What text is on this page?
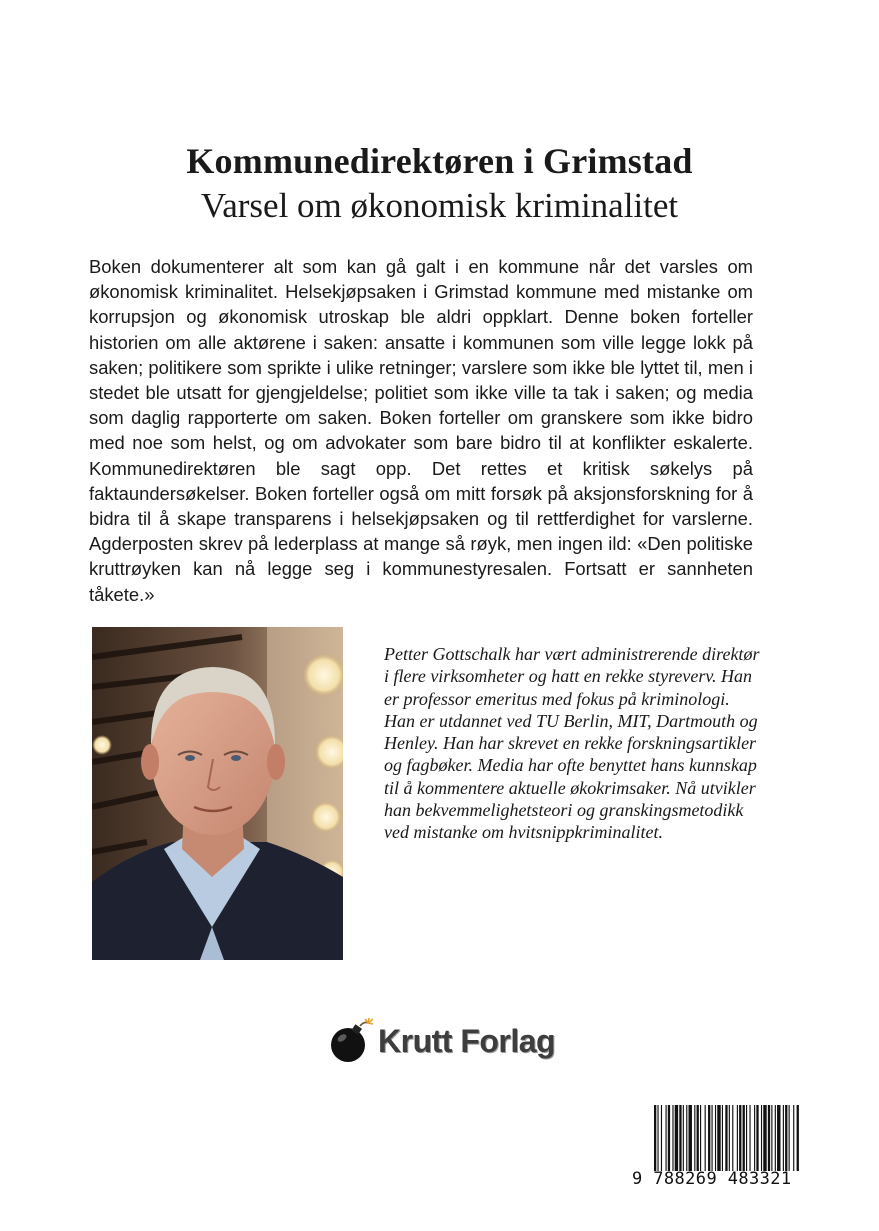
Kommunedirektøren i Grimstad
Varsel om økonomisk kriminalitet

Boken dokumenterer alt som kan gå galt i en kommune når det varsles om økonomisk kriminalitet. Helsekjøpsaken i Grimstad kommune med mistanke om korrupsjon og økonomisk utroskap ble aldri oppklart. Denne boken forteller historien om alle aktørene i saken: ansatte i kommunen som ville legge lokk på saken; politikere som sprikte i ulike retninger; varslere som ikke ble lyttet til, men i stedet ble utsatt for gjengjeldelse; politiet som ikke ville ta tak i saken; og media som daglig rapporterte om saken. Boken forteller om granskere som ikke bidro med noe som helst, og om advokater som bare bidro til at konflikter eskalerte. Kommunedirektøren ble sagt opp. Det rettes et kritisk søkelys på faktaundersøkelser. Boken forteller også om mitt forsøk på aksjonsforskning for å bidra til å skape transparens i helsekjøpsaken og til rettferdighet for varslerne. Agderposten skrev på lederplass at mange så røyk, men ingen ild: «Den politiske kruttrøyken kan nå legge seg i kommunestyresalen. Fortsatt er sannheten tåkete.»

Petter Gottschalk har vært administrerende direktør i flere virksomheter og hatt en rekke styreverv. Han er professor emeritus med fokus på kriminologi. Han er utdannet ved TU Berlin, MIT, Dartmouth og Henley. Han har skrevet en rekke forskningsartikler og fagbøker. Media har ofte benyttet hans kunnskap til å kommentere aktuelle økokrimsaker. Nå utvikler han bekvemmelighetsteori og granskingsmetodikk ved mistanke om hvitsnippkriminalitet.

Krutt Forlag
9 788269 483321
